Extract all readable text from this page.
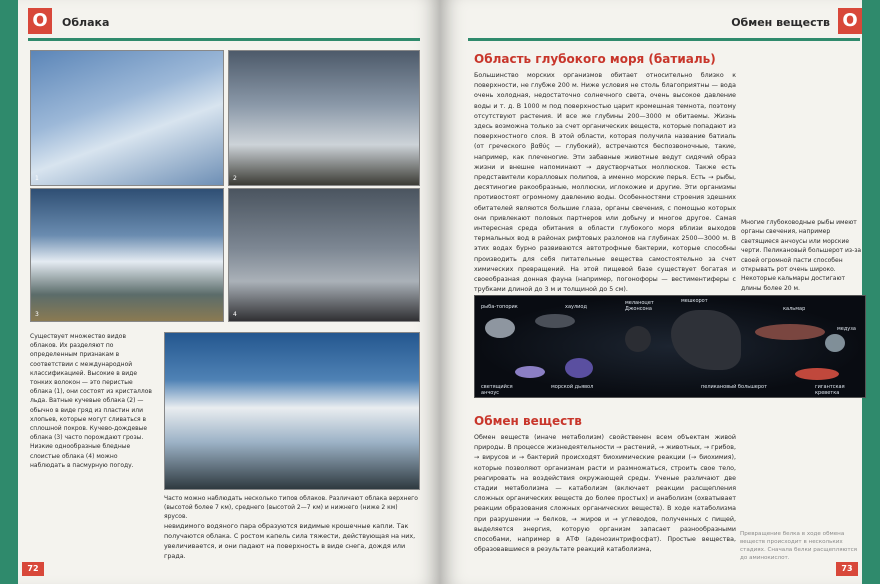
О	Облака
1	2
3	4
Существует множество видов облаков. Их разделяют по определенным признакам в соответствии с международной классификацией. Высокие в виде тонких волокон — это перистые облака (1), они состоят из кристаллов льда. Ватные кучевые облака (2) — обычно в виде гряд из пластин или хлопьев, которые могут сливаться в сплошной покров. Кучево-дождевые облака (3) часто порождают грозы. Низкие однообразные бледные слоистые облака (4) можно наблюдать в пасмурную погоду.
Часто можно наблюдать несколько типов облаков. Различают облака верхнего (высотой более 7 км), среднего (высотой 2—7 км) и нижнего (ниже 2 км) ярусов.
невидимого водяного пара образуются видимые крошечные капли. Так получаются облака. С ростом капель сила тяжести, действующая на них, увеличивается, и они падают на поверхность в виде снега, дождя или града.
72
О
Обмен веществ
73
Область глубокого моря (батиаль)
Большинство морских организмов обитает относительно близко к поверхности, не глубже 200 м. Ниже условия не столь благоприятны — вода очень холодная, недостаточно солнечного света, очень высокое давление воды и т. д. В 1000 м под поверхностью царит кромешная темнота, поэтому отсутствуют растения. И все же глубины 200—3000 м обитаемы. Жизнь здесь возможна только за счет органических веществ, которые попадают из поверхностного слоя. В этой области, которая получила название батиаль (от греческого βαθύς — глубокий), встречаются беспозвоночные, такие, например, как плеченогие. Эти забавные животные ведут сидячий образ жизни и внешне напоминают → двустворчатых моллюсков. Также есть представители коралловых полипов, а именно морские перья. Есть → рыбы, десятиногие ракообразные, моллюски, иглокожие и другие. Эти организмы противостоят огромному давлению воды. Особенностями строения здешних обитателей являются большие глаза, органы свечения, с помощью которых они привлекают половых партнеров или добычу и многое другое. Самая интересная среда обитания в области глубокого моря вблизи выходов термальных вод в районах рифтовых разломов на глубинах 2500—3000 м. В этих водах бурно развиваются автотрофные бактерии, которые способны производить для себя питательные вещества самостоятельно за счет химических превращений. На этой пищевой базе существует богатая и своеобразная донная фауна (например, погонофоры — вестиментиферы с трубками длиной до 3 м и толщиной до 5 см).
Многие глубоководные рыбы имеют органы свечения, например светящиеся анчоусы или морские черти. Пеликановый большерот из-за своей огромной пасти способен открывать рот очень широко. Некоторые кальмары достигают длины более 20 м.
рыба-топорик	хаулиод
меланоцет Джонсона
мешкорот
кальмар
медуза
светящийся анчоус
морской дьявол	пеликановый большерот	гигантская креветка
Обмен веществ
Обмен веществ (иначе метаболизм) свойственен всем объектам живой природы. В процессе жизнедеятельности → растений, → животных, → грибов, → вирусов и → бактерий происходят биохимические реакции (→ биохимия), которые позволяют организмам расти и размножаться, строить свое тело, реагировать на воздействия окружающей среды. Ученые различают две стадии метаболизма — катаболизм (включает реакции расщепления сложных органических веществ до более простых) и анаболизм (охватывает реакции образования сложных органических веществ). В ходе катаболизма при разрушении → белков, → жиров и → углеводов, полученных с пищей, выделяется энергия, которую организм запасает разнообразными способами, например в АТФ (аденозинтрифосфат). Простые вещества, образовавшиеся в результате реакций катаболизма,
Превращение белка в ходе обмена веществ происходит в нескольких стадиях. Сначала белки расщепляются до аминокислот.
